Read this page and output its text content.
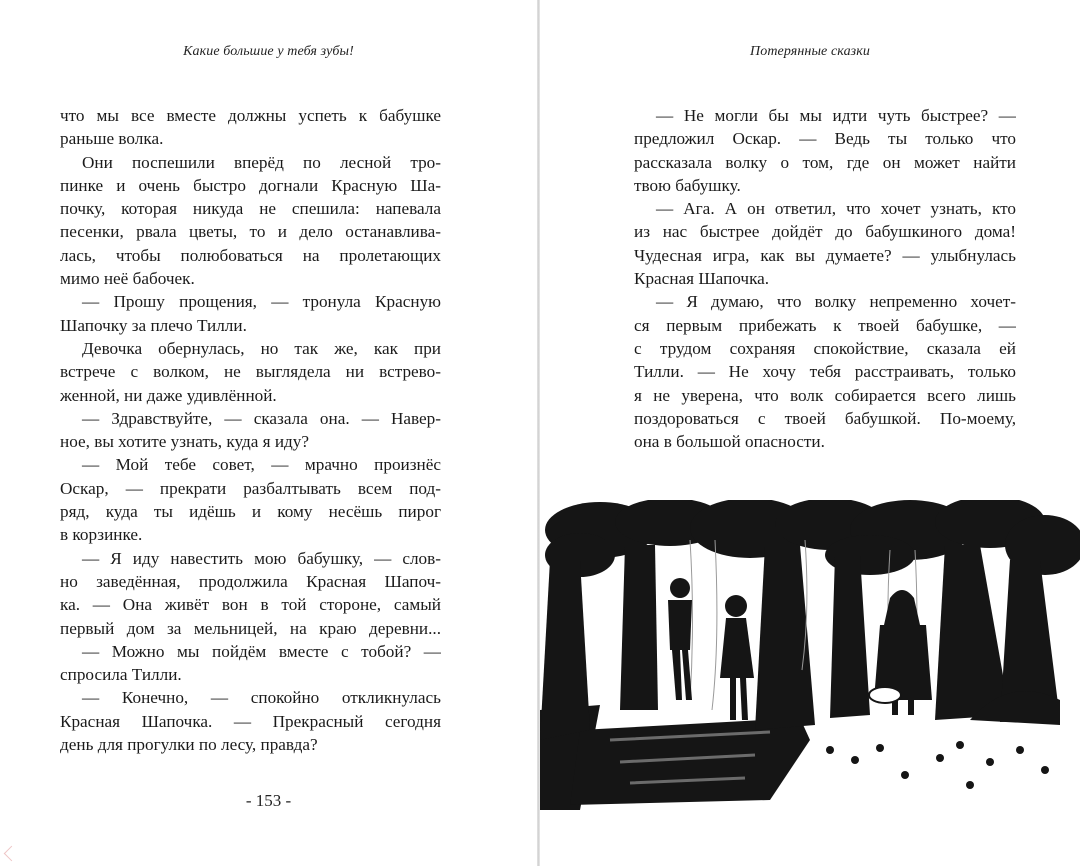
Какие большие у тебя зубы!
что мы все вместе должны успеть к бабушке
раньше волка.
Они поспешили вперёд по лесной тро-
пинке и очень быстро догнали Красную Ша-
почку, которая никуда не спешила: напевала
песенки, рвала цветы, то и дело останавлива-
лась, чтобы полюбоваться на пролетающих
мимо неё бабочек.
— Прошу прощения, — тронула Красную
Шапочку за плечо Тилли.
Девочка обернулась, но так же, как при
встрече с волком, не выглядела ни встрево-
женной, ни даже удивлённой.
— Здравствуйте, — сказала она. — Навер-
ное, вы хотите узнать, куда я иду?
— Мой тебе совет, — мрачно произнёс
Оскар, — прекрати разбалтывать всем под-
ряд, куда ты идёшь и кому несёшь пирог
в корзинке.
— Я иду навестить мою бабушку, — слов-
но заведённая, продолжила Красная Шапоч-
ка. — Она живёт вон в той стороне, самый
первый дом за мельницей, на краю деревни...
— Можно мы пойдём вместе с тобой? —
спросила Тилли.
— Конечно, — спокойно откликнулась
Красная Шапочка. — Прекрасный сегодня
день для прогулки по лесу, правда?
- 153 -
Потерянные сказки
— Не могли бы мы идти чуть быстрее? —
предложил Оскар. — Ведь ты только что
рассказала волку о том, где он может найти
твою бабушку.
— Ага. А он ответил, что хочет узнать, кто
из нас быстрее дойдёт до бабушкиного дома!
Чудесная игра, как вы думаете? — улыбнулась
Красная Шапочка.
— Я думаю, что волку непременно хочет-
ся первым прибежать к твоей бабушке, —
с трудом сохраняя спокойствие, сказала ей
Тилли. — Не хочу тебя расстраивать, только
я не уверена, что волк собирается всего лишь
поздороваться с твоей бабушкой. По-моему,
она в большой опасности.
